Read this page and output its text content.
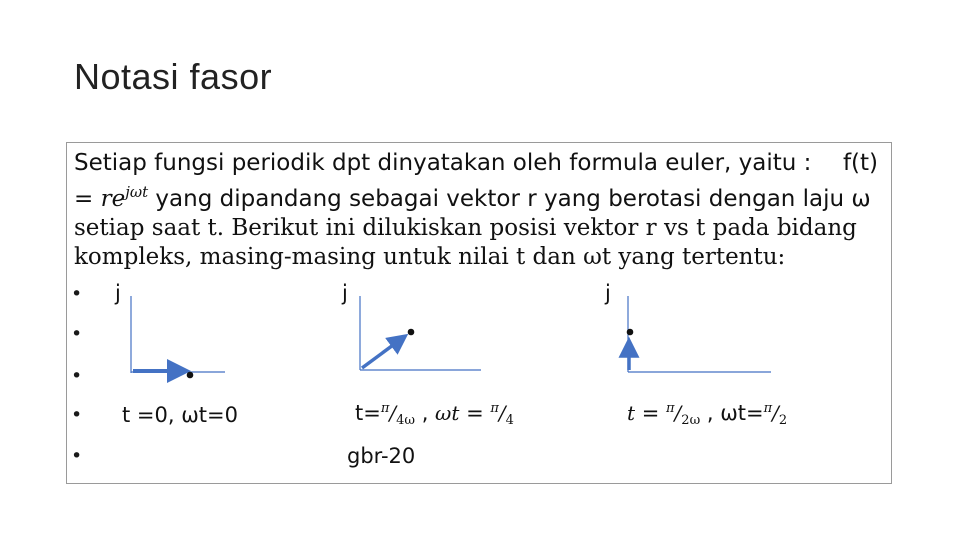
Notasi fasor
Setiap fungsi periodik dpt dinyatakan oleh formula euler, yaitu : f(t)
= $re^{j\omega t}$ yang dipandang sebagai vektor r yang berotasi dengan laju ω
setiap saat t. Berikut ini dilukiskan posisi vektor r vs t pada bidang
kompleks, masing-masing untuk nilai t dan ωt yang tertentu:
•
•
•
•
•
j	j	j
t =0, ωt=0	$t=^\pi/_{4\omega}$ , $\omega t = ^\pi/_4$	$t = ^\pi/_{2\omega}$ , $\omega t=^\pi/_2$
gbr-20
